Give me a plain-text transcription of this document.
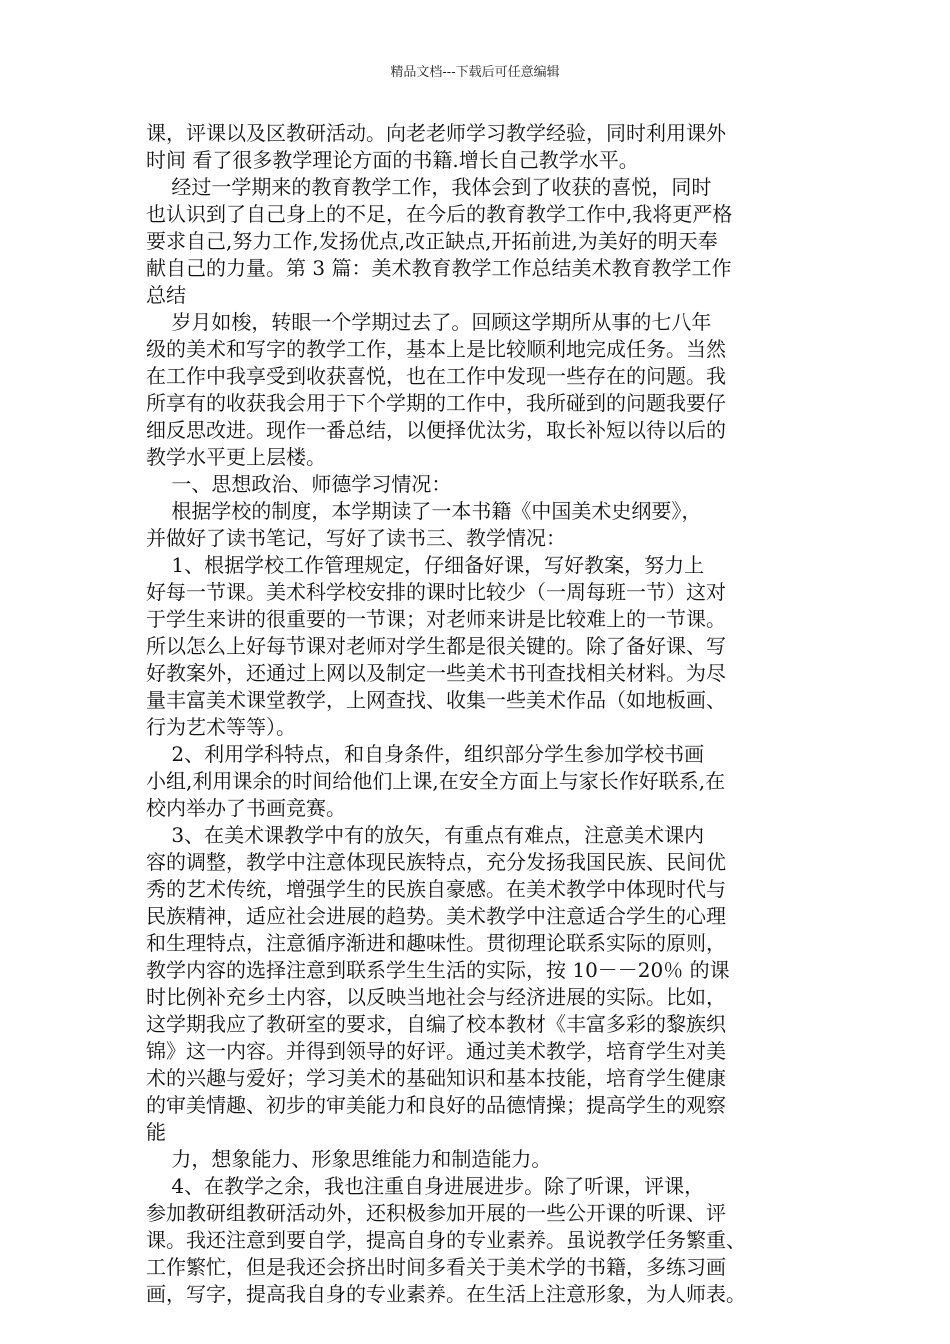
精品文档---下载后可任意编辑
课，评课以及区教研活动。向老老师学习教学经验，同时利用课外
时间 看了很多教学理论方面的书籍.增长自己教学水平。
经过一学期来的教育教学工作，我体会到了收获的喜悦，同时
也认识到了自己身上的不足，在今后的教育教学工作中,我将更严格
要求自己,努力工作,发扬优点,改正缺点,开拓前进,为美好的明天奉
献自己的力量。第 3 篇：美术教育教学工作总结美术教育教学工作
总结
岁月如梭，转眼一个学期过去了。回顾这学期所从事的七八年
级的美术和写字的教学工作，基本上是比较顺利地完成任务。当然
在工作中我享受到收获喜悦，也在工作中发现一些存在的问题。我
所享有的收获我会用于下个学期的工作中，我所碰到的问题我要仔
细反思改进。现作一番总结，以便择优汰劣，取长补短以待以后的
教学水平更上层楼。
一、思想政治、师德学习情况：
根据学校的制度，本学期读了一本书籍《中国美术史纲要》，
并做好了读书笔记，写好了读书三、教学情况：
1、根据学校工作管理规定，仔细备好课，写好教案，努力上
好每一节课。美术科学校安排的课时比较少（一周每班一节）这对
于学生来讲的很重要的一节课；对老师来讲是比较难上的一节课。
所以怎么上好每节课对老师对学生都是很关键的。除了备好课、写
好教案外，还通过上网以及制定一些美术书刊查找相关材料。为尽
量丰富美术课堂教学，上网查找、收集一些美术作品（如地板画、
行为艺术等等）。
2、利用学科特点，和自身条件，组织部分学生参加学校书画
小组,利用课余的时间给他们上课,在安全方面上与家长作好联系,在
校内举办了书画竞赛。
3、在美术课教学中有的放矢，有重点有难点，注意美术课内
容的调整，教学中注意体现民族特点，充分发扬我国民族、民间优
秀的艺术传统，增强学生的民族自豪感。在美术教学中体现时代与
民族精神，适应社会进展的趋势。美术教学中注意适合学生的心理
和生理特点，注意循序渐进和趣味性。贯彻理论联系实际的原则，
教学内容的选择注意到联系学生生活的实际，按 10－－20％ 的课
时比例补充乡土内容，以反映当地社会与经济进展的实际。比如，
这学期我应了教研室的要求，自编了校本教材《丰富多彩的黎族织
锦》这一内容。并得到领导的好评。通过美术教学，培育学生对美
术的兴趣与爱好；学习美术的基础知识和基本技能，培育学生健康
的审美情趣、初步的审美能力和良好的品德情操；提高学生的观察
能
力，想象能力、形象思维能力和制造能力。
4、在教学之余，我也注重自身进展进步。除了听课，评课，
参加教研组教研活动外，还积极参加开展的一些公开课的听课、评
课。我还注意到要自学，提高自身的专业素养。虽说教学任务繁重、
工作繁忙，但是我还会挤出时间多看关于美术学的书籍，多练习画
画，写字，提高我自身的专业素养。在生活上注意形象，为人师表。
